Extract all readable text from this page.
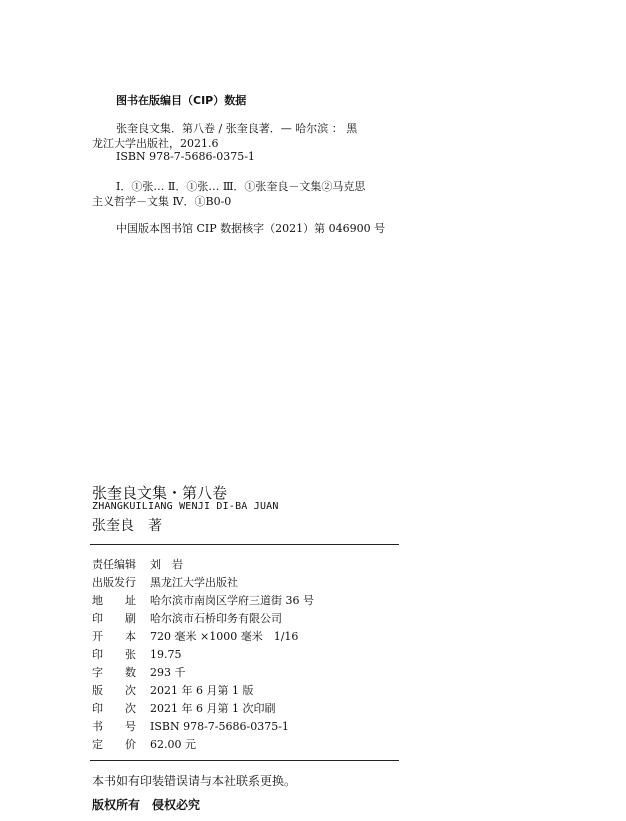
图书在版编目（CIP）数据
张奎良文集．第八卷 / 张奎良著．— 哈尔滨 ： 黑
龙江大学出版社，2021.6
ISBN 978-7-5686-0375-1
Ⅰ．①张… Ⅱ．①张… Ⅲ．①张奎良－文集②马克思
主义哲学－文集 Ⅳ．①B0-0
中国版本图书馆 CIP 数据核字（2021）第 046900 号
张奎良文集・第八卷
ZHANGKUILIANG WENJI DI-BA JUAN
张奎良　著
责任编辑 刘　岩
出版发行 黑龙江大学出版社
地　　址 哈尔滨市南岗区学府三道街 36 号
印　　刷 哈尔滨市石桥印务有限公司
开　　本 720 毫米 ×1000 毫米　1/16
印　　张 19.75
字　　数 293 千
版　　次 2021 年 6 月第 1 版
印　　次 2021 年 6 月第 1 次印刷
书　　号 ISBN 978-7-5686-0375-1
定　　价 62.00 元
本书如有印装错误请与本社联系更换。
版权所有　侵权必究
